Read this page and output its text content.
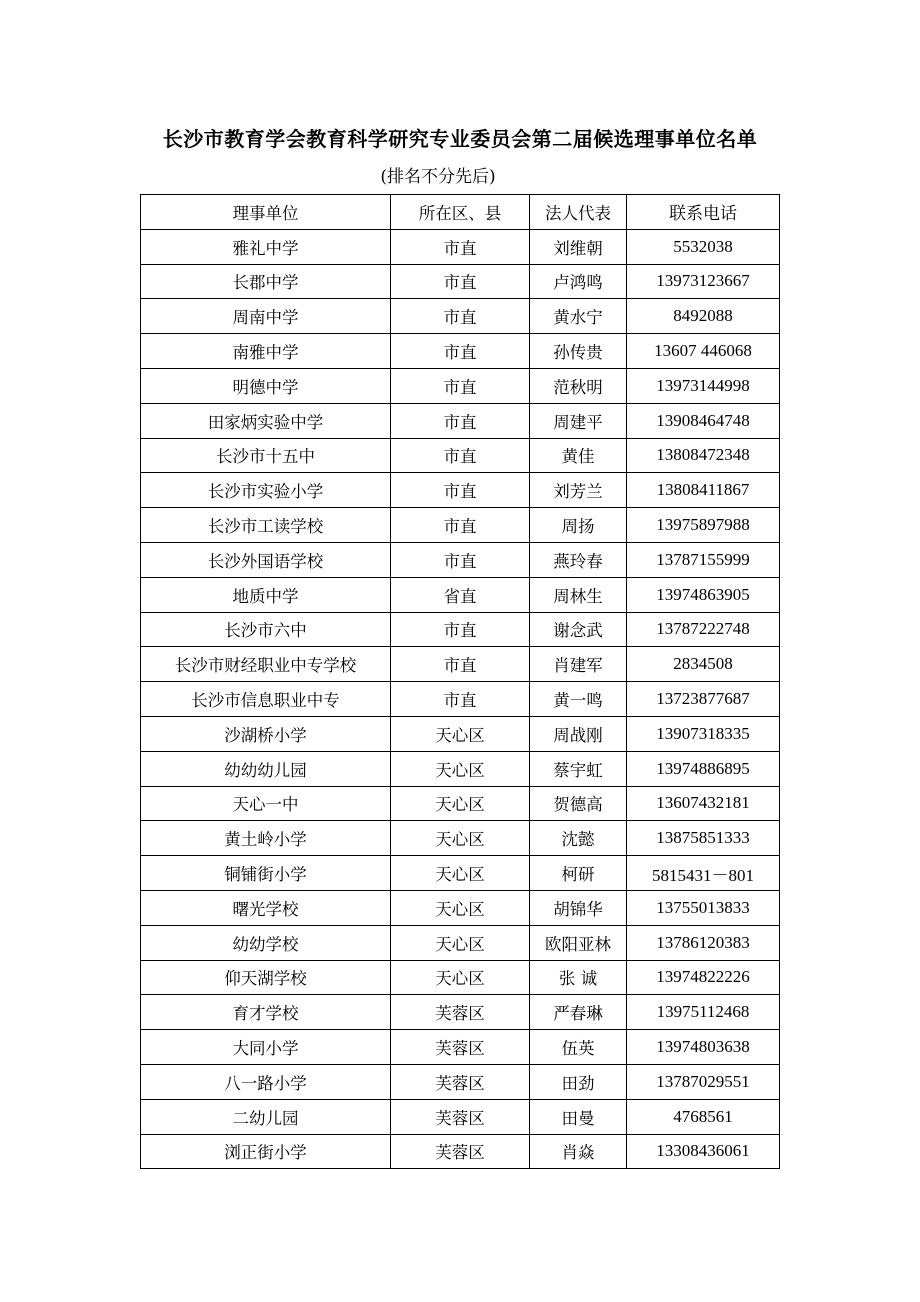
长沙市教育学会教育科学研究专业委员会第二届候选理事单位名单
(排名不分先后)
理事单位	所在区、县	法人代表	联系电话
雅礼中学	市直	刘维朝	5532038
长郡中学	市直	卢鸿鸣	13973123667
周南中学	市直	黄水宁	8492088
南雅中学	市直	孙传贵	13607 446068
明德中学	市直	范秋明	13973144998
田家炳实验中学	市直	周建平	13908464748
长沙市十五中	市直	黄佳	13808472348
长沙市实验小学	市直	刘芳兰	13808411867
长沙市工读学校	市直	周扬	13975897988
长沙外国语学校	市直	燕玲春	13787155999
地质中学	省直	周林生	13974863905
长沙市六中	市直	谢念武	13787222748
长沙市财经职业中专学校	市直	肖建军	2834508
长沙市信息职业中专	市直	黄一鸣	13723877687
沙湖桥小学	天心区	周战刚	13907318335
幼幼幼儿园	天心区	蔡宇虹	13974886895
天心一中	天心区	贺德高	13607432181
黄土岭小学	天心区	沈懿	13875851333
铜铺街小学	天心区	柯研	5815431－801
曙光学校	天心区	胡锦华	13755013833
幼幼学校	天心区	欧阳亚林	13786120383
仰天湖学校	天心区	张 诚	13974822226
育才学校	芙蓉区	严春琳	13975112468
大同小学	芙蓉区	伍英	13974803638
八一路小学	芙蓉区	田劲	13787029551
二幼儿园	芙蓉区	田曼	4768561
浏正街小学	芙蓉区	肖焱	13308436061
